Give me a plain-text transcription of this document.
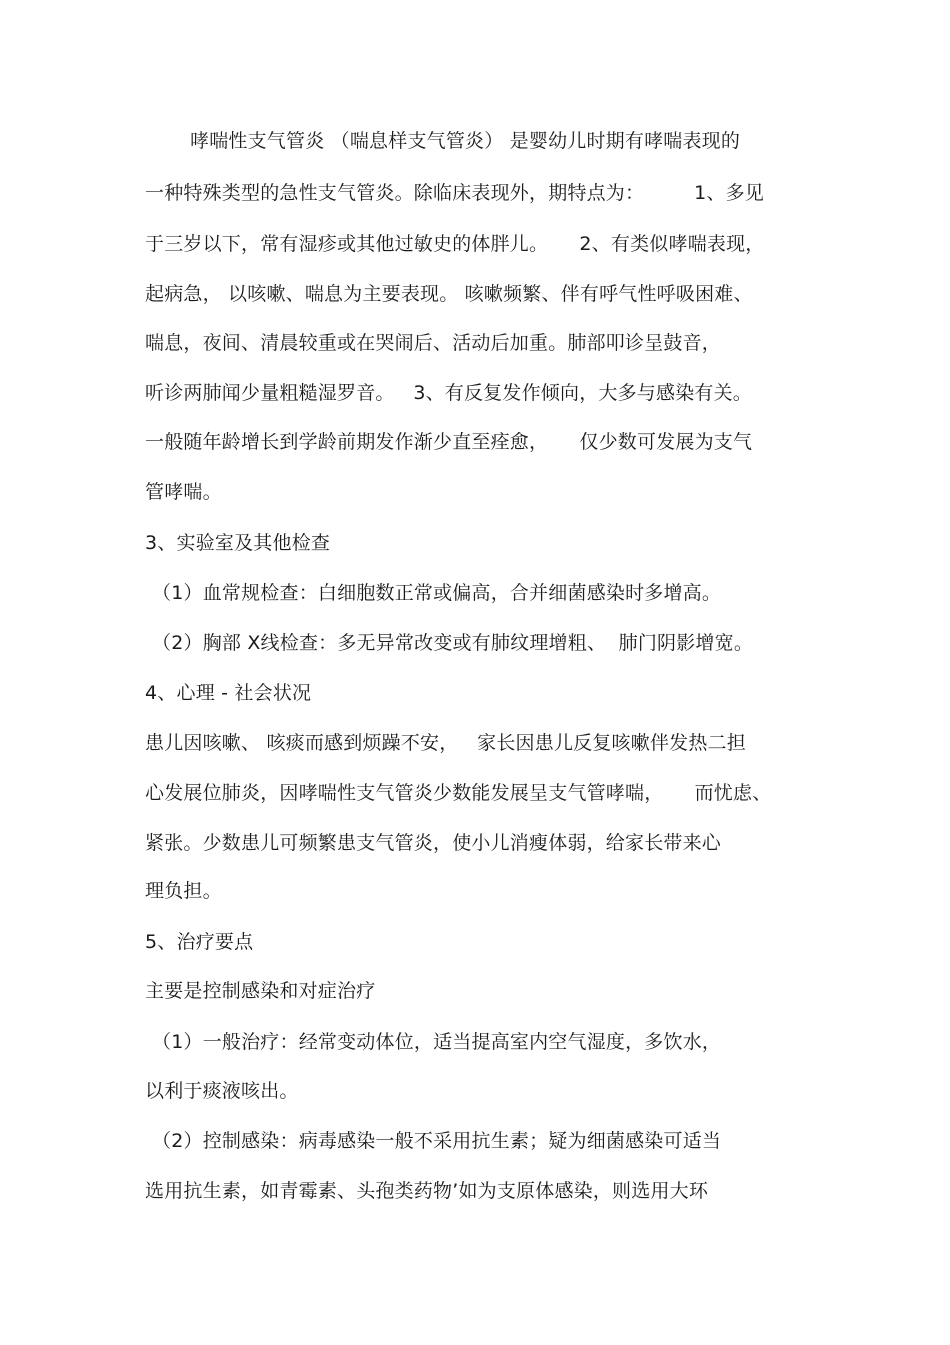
哮喘性支气管炎 （喘息样支气管炎） 是婴幼儿时期有哮喘表现的
一种特殊类型的急性支气管炎。除临床表现外，期特点为：        1、多见
于三岁以下，常有湿疹或其他过敏史的体胖儿。     2、有类似哮喘表现，
起病急， 以咳嗽、喘息为主要表现。 咳嗽频繁、伴有呼气性呼吸困难、
喘息，夜间、清晨较重或在哭闹后、活动后加重。肺部叩诊呈鼓音，
听诊两肺闻少量粗糙湿罗音。   3、有反复发作倾向，大多与感染有关。
一般随年龄增长到学龄前期发作渐少直至痊愈，     仅少数可发展为支气
管哮喘。
3、实验室及其他检查
（1）血常规检查：白细胞数正常或偏高，合并细菌感染时多增高。
（2）胸部 X线检查：多无异常改变或有肺纹理增粗、  肺门阴影增宽。
4、心理 - 社会状况
患儿因咳嗽、 咳痰而感到烦躁不安，   家长因患儿反复咳嗽伴发热二担
心发展位肺炎，因哮喘性支气管炎少数能发展呈支气管哮喘，     而忧虑、
紧张。少数患儿可频繁患支气管炎，使小儿消瘦体弱，给家长带来心
理负担。
5、治疗要点
主要是控制感染和对症治疗
（1）一般治疗：经常变动体位，适当提高室内空气湿度，多饮水，
以利于痰液咳出。
（2）控制感染：病毒感染一般不采用抗生素；疑为细菌感染可适当
选用抗生素，如青霉素、头孢类药物’如为支原体感染，则选用大环
